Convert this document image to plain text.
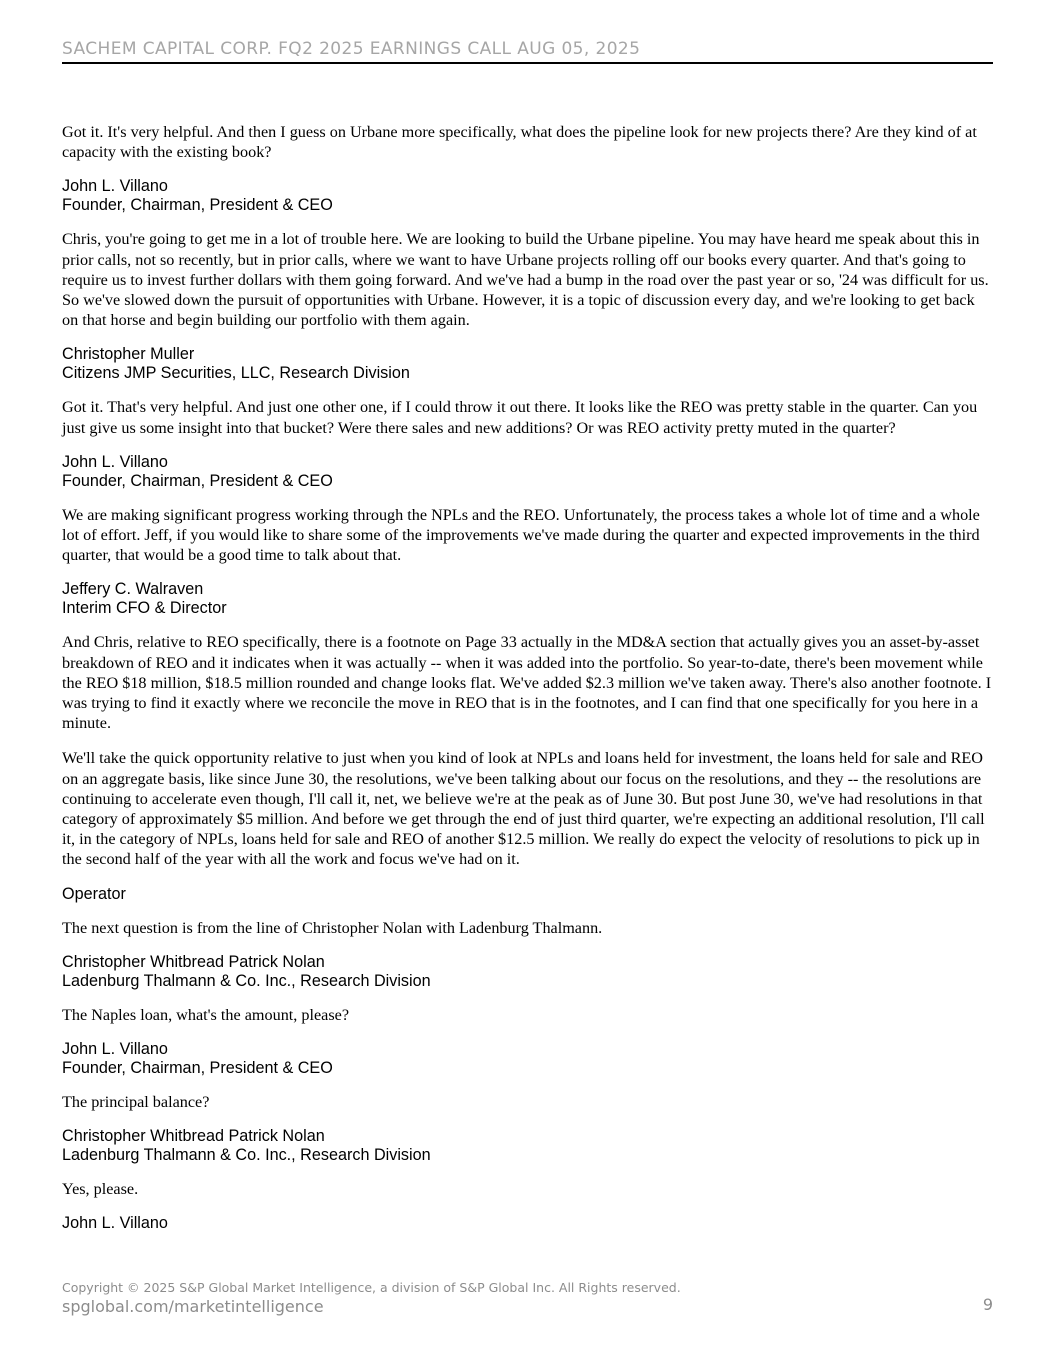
SACHEM CAPITAL CORP. FQ2 2025 EARNINGS CALL AUG 05, 2025

Got it. It's very helpful. And then I guess on Urbane more specifically, what does the pipeline look for new projects there? Are they kind of at capacity with the existing book?

John L. Villano
Founder, Chairman, President & CEO

Chris, you're going to get me in a lot of trouble here. We are looking to build the Urbane pipeline. You may have heard me speak about this in prior calls, not so recently, but in prior calls, where we want to have Urbane projects rolling off our books every quarter. And that's going to require us to invest further dollars with them going forward. And we've had a bump in the road over the past year or so, '24 was difficult for us. So we've slowed down the pursuit of opportunities with Urbane. However, it is a topic of discussion every day, and we're looking to get back on that horse and begin building our portfolio with them again.

Christopher Muller
Citizens JMP Securities, LLC, Research Division

Got it. That's very helpful. And just one other one, if I could throw it out there. It looks like the REO was pretty stable in the quarter. Can you just give us some insight into that bucket? Were there sales and new additions? Or was REO activity pretty muted in the quarter?

John L. Villano
Founder, Chairman, President & CEO

We are making significant progress working through the NPLs and the REO. Unfortunately, the process takes a whole lot of time and a whole lot of effort. Jeff, if you would like to share some of the improvements we've made during the quarter and expected improvements in the third quarter, that would be a good time to talk about that.

Jeffery C. Walraven
Interim CFO & Director

And Chris, relative to REO specifically, there is a footnote on Page 33 actually in the MD&A section that actually gives you an asset-by-asset breakdown of REO and it indicates when it was actually -- when it was added into the portfolio. So year-to-date, there's been movement while the REO $18 million, $18.5 million rounded and change looks flat. We've added $2.3 million we've taken away. There's also another footnote. I was trying to find it exactly where we reconcile the move in REO that is in the footnotes, and I can find that one specifically for you here in a minute.

We'll take the quick opportunity relative to just when you kind of look at NPLs and loans held for investment, the loans held for sale and REO on an aggregate basis, like since June 30, the resolutions, we've been talking about our focus on the resolutions, and they -- the resolutions are continuing to accelerate even though, I'll call it, net, we believe we're at the peak as of June 30. But post June 30, we've had resolutions in that category of approximately $5 million. And before we get through the end of just third quarter, we're expecting an additional resolution, I'll call it, in the category of NPLs, loans held for sale and REO of another $12.5 million. We really do expect the velocity of resolutions to pick up in the second half of the year with all the work and focus we've had on it.

Operator

The next question is from the line of Christopher Nolan with Ladenburg Thalmann.

Christopher Whitbread Patrick Nolan
Ladenburg Thalmann & Co. Inc., Research Division

The Naples loan, what's the amount, please?

John L. Villano
Founder, Chairman, President & CEO

The principal balance?

Christopher Whitbread Patrick Nolan
Ladenburg Thalmann & Co. Inc., Research Division

Yes, please.

John L. Villano
Copyright © 2025 S&P Global Market Intelligence, a division of S&P Global Inc. All Rights reserved.
spglobal.com/marketintelligence	9
